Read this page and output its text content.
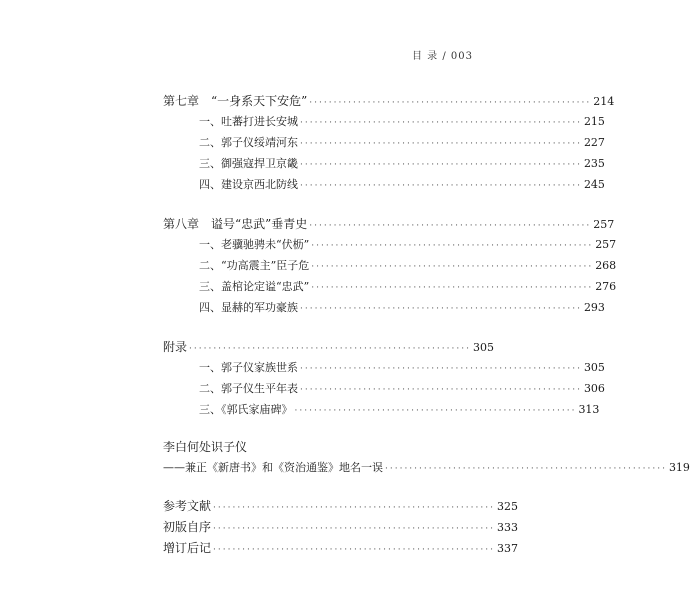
目 录 / 003
第七章　“一身系天下安危” ·························································· 214
一、吐蕃打进长安城 ·························································· 215
二、郭子仪绥靖河东 ·························································· 227
三、御强寇捍卫京畿 ·························································· 235
四、建设京西北防线 ·························································· 245
第八章　谥号“忠武”垂青史 ·························································· 257
一、老骥驰骋未“伏枥” ·························································· 257
二、“功高震主”臣子危 ·························································· 268
三、盖棺论定谥“忠武” ·························································· 276
四、显赫的军功豪族 ·························································· 293
附录 ·························································· 305
一、郭子仪家族世系 ·························································· 305
二、郭子仪生平年表 ·························································· 306
三、《郭氏家庙碑》 ·························································· 313
李白何处识子仪
——兼正《新唐书》和《资治通鉴》地名一误 ·························································· 319
参考文献 ·························································· 325
初版自序 ·························································· 333
增订后记 ·························································· 337
